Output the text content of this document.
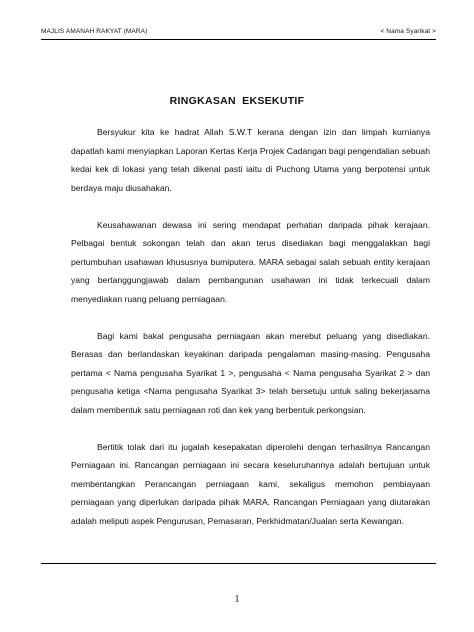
MAJLIS AMANAH RAKYAT (MARA)	< Nama Syarikat >
RINGKASAN EKSEKUTIF

Bersyukur kita ke hadrat Allah S.W.T kerana dengan izin dan limpah kurnianya dapatlah kami menyiapkan Laporan Kertas Kerja Projek Cadangan bagi pengendalian sebuah kedai kek di lokasi yang telah dikenal pasti iaitu di Puchong Utama yang berpotensi untuk berdaya maju diusahakan.

Keusahawanan dewasa ini sering mendapat perhatian daripada pihak kerajaan. Pelbagai bentuk sokongan telah dan akan terus disediakan bagi menggalakkan bagi pertumbuhan usahawan khususnya bumiputera. MARA sebagai salah sebuah entity kerajaan yang bertanggungjawab dalam pembangunan usahawan ini tidak terkecuali dalam menyediakan ruang peluang perniagaan.

Bagi kami bakal pengusaha perniagaan akan merebut peluang yang disediakan. Berasas dan berlandaskan keyakinan daripada pengalaman masing-masing. Pengusaha pertama < Nama pengusaha Syarikat 1 >, pengusaha < Nama pengusaha Syarikat 2 > dan pengusaha ketiga <Nama pengusaha Syarikat 3> telah bersetuju untuk saling bekerjasama dalam membentuk satu perniagaan roti dan kek yang berbentuk perkongsian.

Bertitik tolak dari itu jugalah kesepakatan diperolehi dengan terhasilnya Rancangan Perniagaan ini. Rancangan perniagaan ini secara keseluruhannya adalah bertujuan untuk membentangkan Perancangan perniagaan kami, sekaligus memohon pembiayaan perniagaan yang diperlukan daripada pihak MARA. Rancangan Perniagaan yang diutarakan adalah meliputi aspek Pengurusan, Pemasaran, Perkhidmatan/Jualan serta Kewangan.

1
